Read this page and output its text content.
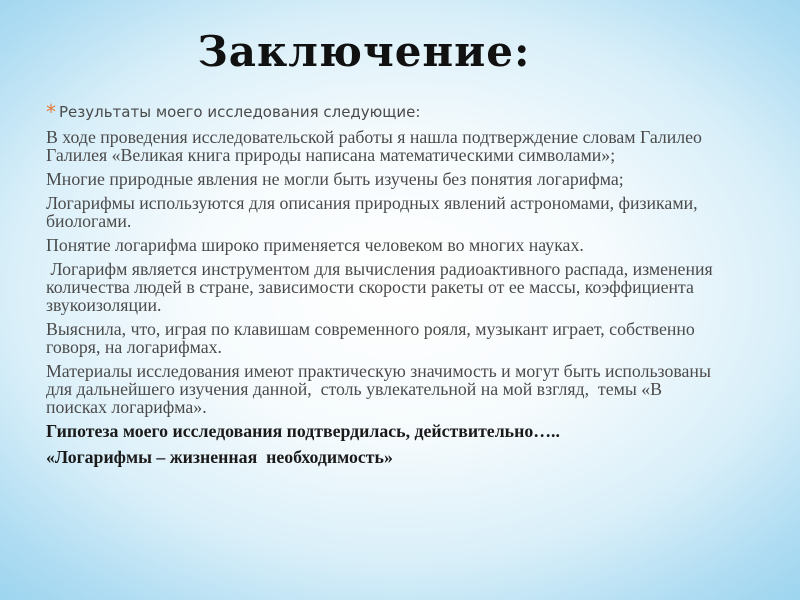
Заключение:
* Результаты моего исследования следующие:

В ходе проведения исследовательской работы я нашла подтверждение словам Галилео Галилея «Великая книга природы написана математическими символами»;

Многие природные явления не могли быть изучены без понятия логарифма;

Логарифмы используются для описания природных явлений астрономами, физиками, биологами.

Понятие логарифма широко применяется человеком во многих науках.

Логарифм является инструментом для вычисления радиоактивного распада, изменения количества людей в стране, зависимости скорости ракеты от ее массы, коэффициента звукоизоляции.

Выяснила, что, играя по клавишам современного рояля, музыкант играет, собственно говоря, на логарифмах.

Материалы исследования имеют практическую значимость и могут быть использованы для дальнейшего изучения данной,  столь увлекательной на мой взгляд,  темы «В поисках логарифма».

Гипотеза моего исследования подтвердилась, действительно…..

«Логарифмы – жизненная  необходимость»
